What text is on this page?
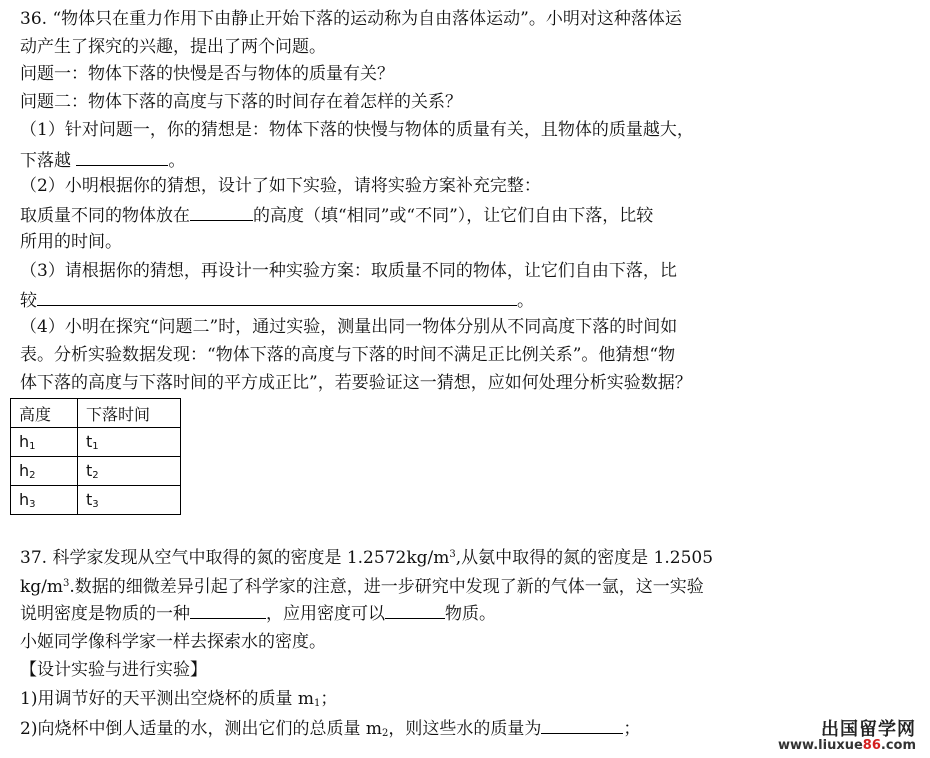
36. “物体只在重力作用下由静止开始下落的运动称为自由落体运动”。小明对这种落体运
动产生了探究的兴趣，提出了两个问题。
问题一：物体下落的快慢是否与物体的质量有关？
问题二：物体下落的高度与下落的时间存在着怎样的关系？
（1）针对问题一，你的猜想是：物体下落的快慢与物体的质量有关，且物体的质量越大，
下落越	。
（2）小明根据你的猜想，设计了如下实验，请将实验方案补充完整：
取质量不同的物体放在	的高度（填“相同”或“不同”），让它们自由下落，比较
所用的时间。
（3）请根据你的猜想，再设计一种实验方案：取质量不同的物体，让它们自由下落，比
较	。
（4）小明在探究“问题二”时，通过实验，测量出同一物体分别从不同高度下落的时间如
表。分析实验数据发现：“物体下落的高度与下落的时间不满足正比例关系”。他猜想“物
体下落的高度与下落时间的平方成正比”，若要验证这一猜想，应如何处理分析实验数据？
高度	下落时间
$h_1$	$t_1$
$h_2$	$t_2$
$h_3$	$t_3$
37. 科学家发现从空气中取得的氮的密度是 $1.2572kg/m^3$,从氨中取得的氮的密度是 1.2505
$kg/m^3$.数据的细微差异引起了科学家的注意，进一步研究中发现了新的气体一氩，这一实验
说明密度是物质的一种	，应用密度可以	物质。
小姬同学像科学家一样去探索水的密度。
【设计实验与进行实验】
1)用调节好的天平测出空烧杯的质量 $m_1$；
2)向烧杯中倒人适量的水，测出它们的总质量 $m_2$，则这些水的质量为	；	出国留学网
www.liuxue86.com
